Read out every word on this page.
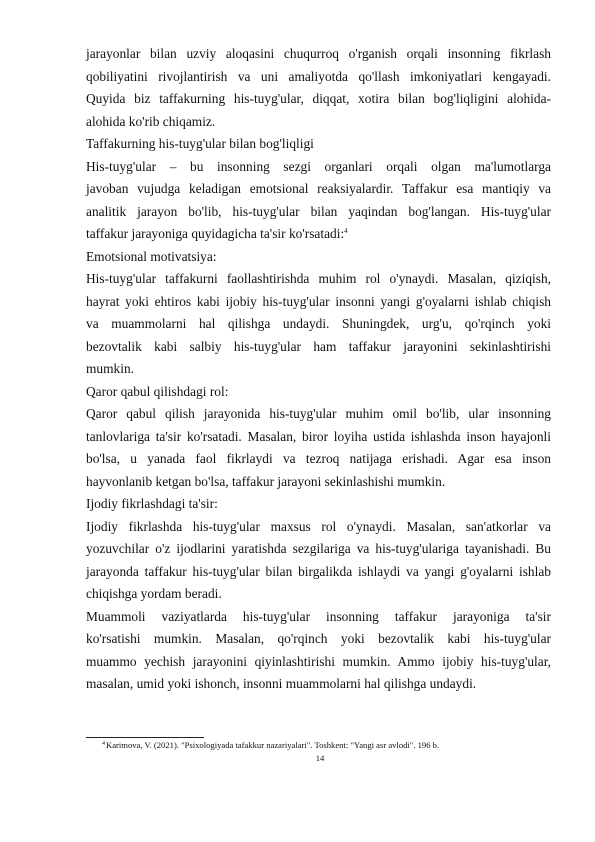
jarayonlar bilan uzviy aloqasini chuqurroq o'rganish orqali insonning fikrlash
qobiliyatini rivojlantirish va uni amaliyotda qo'llash imkoniyatlari kengayadi.
Quyida biz taffakurning his-tuyg'ular, diqqat, xotira bilan bog'liqligini alohida-
alohida ko'rib chiqamiz.
Taffakurning his-tuyg'ular bilan bog'liqligi
His-tuyg'ular – bu insonning sezgi organlari orqali olgan ma'lumotlarga
javoban vujudga keladigan emotsional reaksiyalardir. Taffakur esa mantiqiy va
analitik jarayon bo'lib, his-tuyg'ular bilan yaqindan bog'langan. His-tuyg'ular
taffakur jarayoniga quyidagicha ta'sir ko'rsatadi:$^4$
Emotsional motivatsiya:
His-tuyg'ular taffakurni faollashtirishda muhim rol o'ynaydi. Masalan, qiziqish,
hayrat yoki ehtiros kabi ijobiy his-tuyg'ular insonni yangi g'oyalarni ishlab chiqish
va muammolarni hal qilishga undaydi. Shuningdek, urg'u, qo'rqinch yoki
bezovtalik kabi salbiy his-tuyg'ular ham taffakur jarayonini sekinlashtirishi
mumkin.
Qaror qabul qilishdagi rol:
Qaror qabul qilish jarayonida his-tuyg'ular muhim omil bo'lib, ular insonning
tanlovlariga ta'sir ko'rsatadi. Masalan, biror loyiha ustida ishlashda inson hayajonli
bo'lsa, u yanada faol fikrlaydi va tezroq natijaga erishadi. Agar esa inson
hayvonlanib ketgan bo'lsa, taffakur jarayoni sekinlashishi mumkin.
Ijodiy fikrlashdagi ta'sir:
Ijodiy fikrlashda his-tuyg'ular maxsus rol o'ynaydi. Masalan, san'atkorlar va
yozuvchilar o'z ijodlarini yaratishda sezgilariga va his-tuyg'ulariga tayanishadi. Bu
jarayonda taffakur his-tuyg'ular bilan birgalikda ishlaydi va yangi g'oyalarni ishlab
chiqishga yordam beradi.
Muammoli vaziyatlarda his-tuyg'ular insonning taffakur jarayoniga ta'sir
ko'rsatishi mumkin. Masalan, qo'rqinch yoki bezovtalik kabi his-tuyg'ular
muammo yechish jarayonini qiyinlashtirishi mumkin. Ammo ijobiy his-tuyg'ular,
masalan, umid yoki ishonch, insonni muammolarni hal qilishga undaydi.
$^4$Karimova, V. (2021). "Psixologiyada tafakkur nazariyalari". Toshkent: "Yangi asr avlodi". 196 b.
14
